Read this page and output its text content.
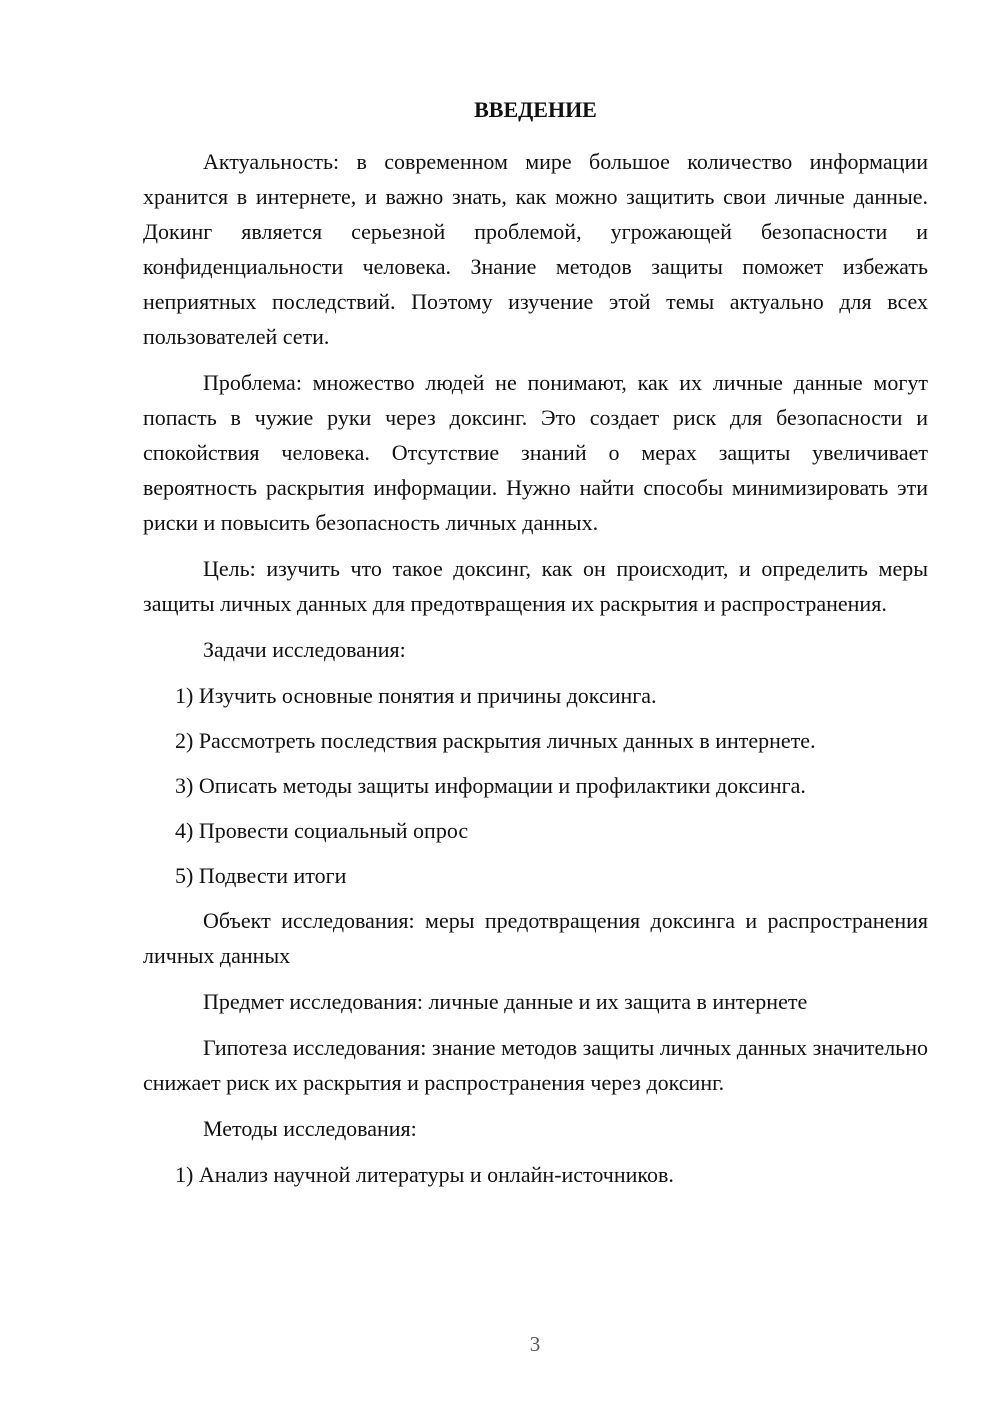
ВВЕДЕНИЕ

Актуальность: в современном мире большое количество информации хранится в интернете, и важно знать, как можно защитить свои личные данные. Докинг является серьезной проблемой, угрожающей безопасности и конфиденциальности человека. Знание методов защиты поможет избежать неприятных последствий. Поэтому изучение этой темы актуально для всех пользователей сети.

Проблема: множество людей не понимают, как их личные данные могут попасть в чужие руки через доксинг. Это создает риск для безопасности и спокойствия человека. Отсутствие знаний о мерах защиты увеличивает вероятность раскрытия информации. Нужно найти способы минимизировать эти риски и повысить безопасность личных данных.

Цель: изучить что такое доксинг, как он происходит, и определить меры защиты личных данных для предотвращения их раскрытия и распространения.

Задачи исследования:

1) Изучить основные понятия и причины доксинга.
2) Рассмотреть последствия раскрытия личных данных в интернете.
3) Описать методы защиты информации и профилактики доксинга.
4) Провести социальный опрос
5) Подвести итоги

Объект исследования: меры предотвращения доксинга и распространения личных данных

Предмет исследования: личные данные и их защита в интернете

Гипотеза исследования: знание методов защиты личных данных значительно снижает риск их раскрытия и распространения через доксинг.

Методы исследования:

1) Анализ научной литературы и онлайн-источников.
3
